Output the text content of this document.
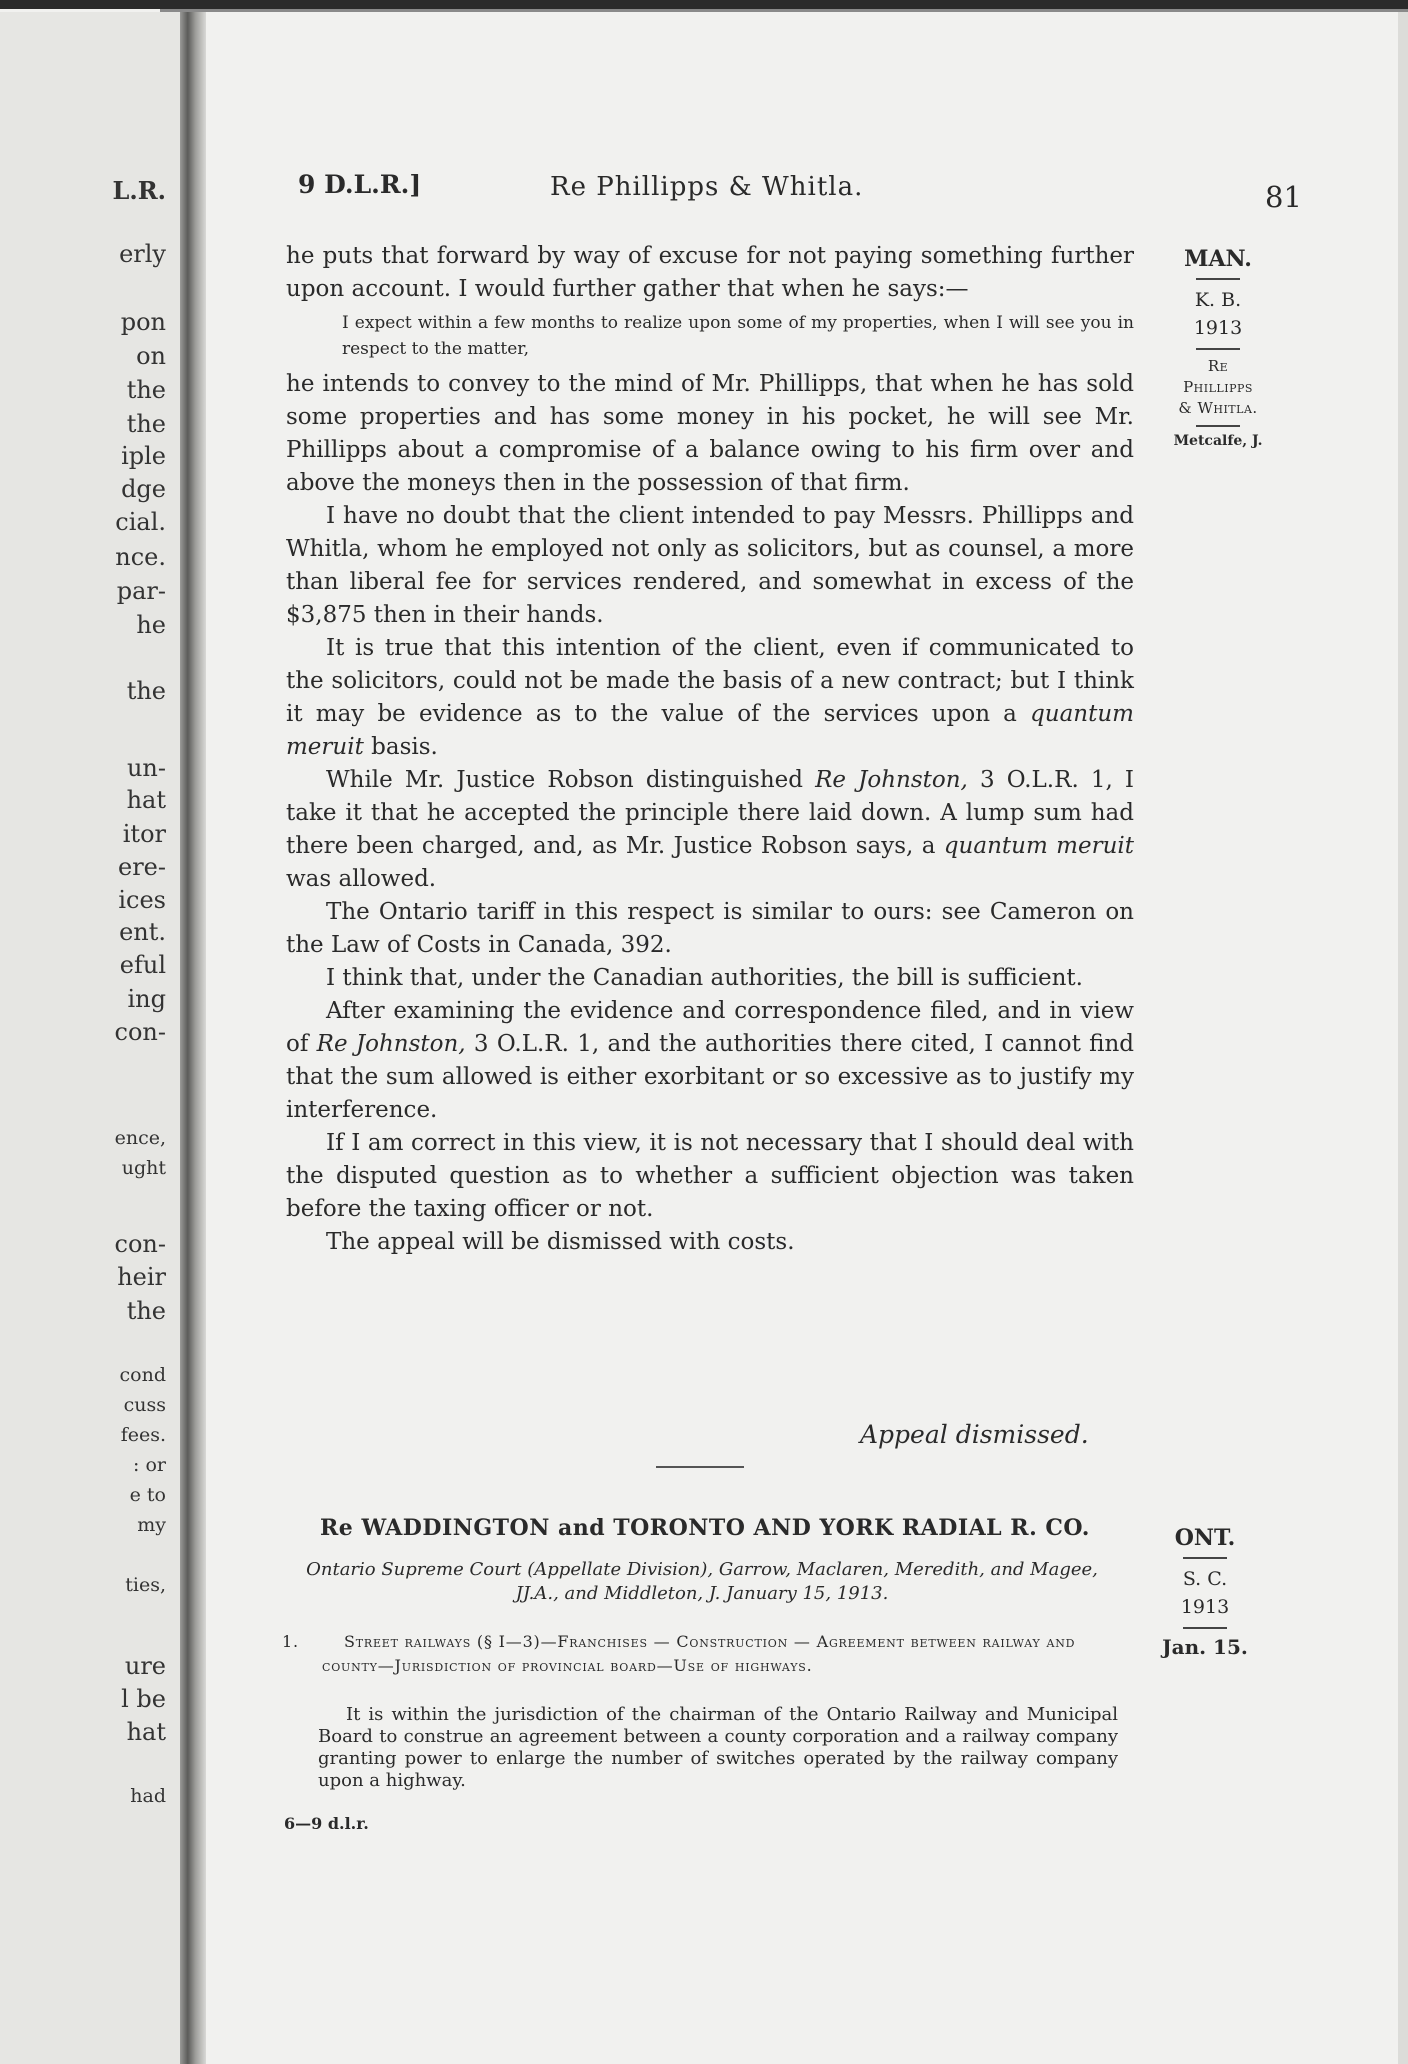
L.R.
erly
pon
on
the
the
iple
dge
cial.
nce.
par-
he
the
un-
hat
itor
ere-
ices
ent.
eful
ing
con-
ence,
ught
con-
heir
the
cond
cuss
fees.
: or
e to
my
ties,
ure
l be
hat
had
9 D.L.R.]	Re Phillipps & Whitla.	81
MAN.
K. B.
1913
Re
Phillipps
& Whitla.
Metcalfe, J.

he puts that forward by way of excuse for not paying something further upon account. I would further gather that when he says:—

I expect within a few months to realize upon some of my properties, when I will see you in respect to the matter,

he intends to convey to the mind of Mr. Phillipps, that when he has sold some properties and has some money in his pocket, he will see Mr. Phillipps about a compromise of a balance owing to his firm over and above the moneys then in the possession of that firm.

I have no doubt that the client intended to pay Messrs. Phillipps and Whitla, whom he employed not only as solicitors, but as counsel, a more than liberal fee for services rendered, and somewhat in excess of the $3,875 then in their hands.

It is true that this intention of the client, even if communicated to the solicitors, could not be made the basis of a new contract; but I think it may be evidence as to the value of the services upon a quantum meruit basis.

While Mr. Justice Robson distinguished Re Johnston, 3 O.L.R. 1, I take it that he accepted the principle there laid down. A lump sum had there been charged, and, as Mr. Justice Robson says, a quantum meruit was allowed.

The Ontario tariff in this respect is similar to ours: see Cameron on the Law of Costs in Canada, 392.

I think that, under the Canadian authorities, the bill is sufficient.

After examining the evidence and correspondence filed, and in view of Re Johnston, 3 O.L.R. 1, and the authorities there cited, I cannot find that the sum allowed is either exorbitant or so excessive as to justify my interference.

If I am correct in this view, it is not necessary that I should deal with the disputed question as to whether a sufficient objection was taken before the taxing officer or not.

The appeal will be dismissed with costs.

Appeal dismissed.
Re WADDINGTON and TORONTO AND YORK RADIAL R. CO.
Ontario Supreme Court (Appellate Division), Garrow, Maclaren, Meredith, and Magee, JJ.A., and Middleton, J. January 15, 1913.
1.	Street railways (§ I—3)—Franchises — Construction — Agreement between railway and county—Jurisdiction of provincial board—Use of highways.
It is within the jurisdiction of the chairman of the Ontario Railway and Municipal Board to construe an agreement between a county corporation and a railway company granting power to enlarge the number of switches operated by the railway company upon a highway.
6—9 d.l.r.
ONT.
S. C.
1913
Jan. 15.
